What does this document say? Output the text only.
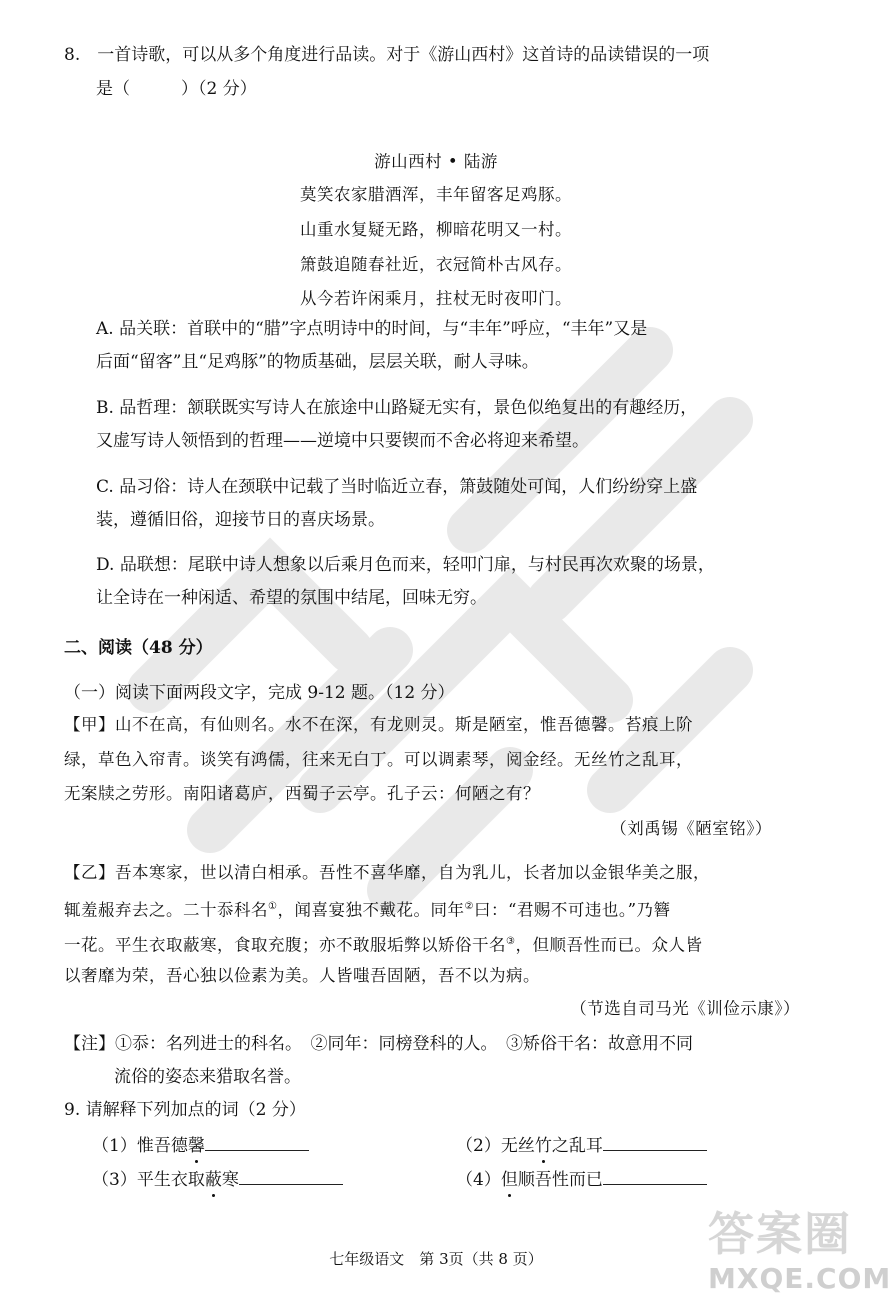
8.　一首诗歌，可以从多个角度进行品读。对于《游山西村》这首诗的品读错误的一项
是（　　　）（2 分）
游山西村 • 陆游
莫笑农家腊酒浑，丰年留客足鸡豚。
山重水复疑无路，柳暗花明又一村。
箫鼓追随春社近，衣冠简朴古风存。
从今若许闲乘月，拄杖无时夜叩门。
A. 品关联：首联中的“腊”字点明诗中的时间，与“丰年”呼应，“丰年”又是
后面“留客”且“足鸡豚”的物质基础，层层关联，耐人寻味。
B. 品哲理：颔联既实写诗人在旅途中山路疑无实有，景色似绝复出的有趣经历，
又虚写诗人领悟到的哲理——逆境中只要锲而不舍必将迎来希望。
C. 品习俗：诗人在颈联中记载了当时临近立春，箫鼓随处可闻，人们纷纷穿上盛
装，遵循旧俗，迎接节日的喜庆场景。
D. 品联想：尾联中诗人想象以后乘月色而来，轻叩门扉，与村民再次欢聚的场景，
让全诗在一种闲适、希望的氛围中结尾，回味无穷。
二、阅读（48 分）
（一）阅读下面两段文字，完成 9-12 题。（12 分）
【甲】山不在高，有仙则名。水不在深，有龙则灵。斯是陋室，惟吾德馨。苔痕上阶
绿，草色入帘青。谈笑有鸿儒，往来无白丁。可以调素琴，阅金经。无丝竹之乱耳，
无案牍之劳形。南阳诸葛庐，西蜀子云亭。孔子云：何陋之有？
（刘禹锡《陋室铭》）
【乙】吾本寒家，世以清白相承。吾性不喜华靡，自为乳儿，长者加以金银华美之服，
辄羞赧弃去之。二十忝科名①，闻喜宴独不戴花。同年②曰：“君赐不可违也。”乃簪
一花。平生衣取蔽寒，食取充腹；亦不敢服垢弊以矫俗干名③，但顺吾性而已。众人皆
以奢靡为荣，吾心独以俭素为美。人皆嗤吾固陋，吾不以为病。
（节选自司马光《训俭示康》）
【注】①忝：名列进士的科名。　②同年：同榜登科的人。　③矫俗干名：故意用不同
流俗的姿态来猎取名誉。
9. 请解释下列加点的词（2 分）
（1）惟吾德馨	（2）无丝竹之乱耳
（3）平生衣取蔽寒	（4）但顺吾性而已
七年级语文　第 3页（共 8 页）	答案圈
MXQE.COM
